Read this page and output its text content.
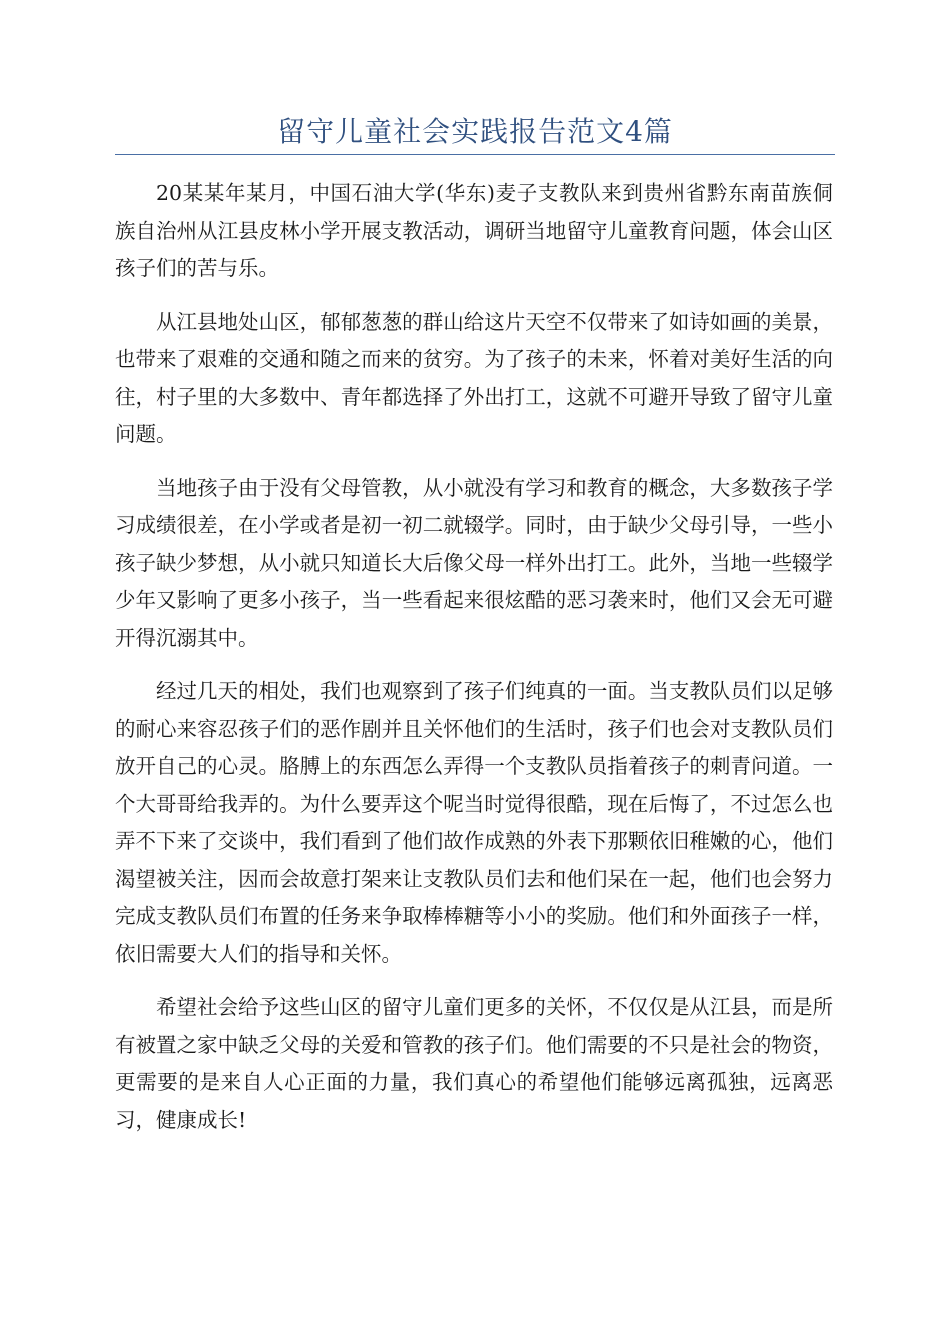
留守儿童社会实践报告范文4篇

20某某年某月，中国石油大学(华东)麦子支教队来到贵州省黔东南苗族侗族自治州从江县皮林小学开展支教活动，调研当地留守儿童教育问题，体会山区孩子们的苦与乐。

从江县地处山区，郁郁葱葱的群山给这片天空不仅带来了如诗如画的美景，也带来了艰难的交通和随之而来的贫穷。为了孩子的未来，怀着对美好生活的向往，村子里的大多数中、青年都选择了外出打工，这就不可避开导致了留守儿童问题。

当地孩子由于没有父母管教，从小就没有学习和教育的概念，大多数孩子学习成绩很差，在小学或者是初一初二就辍学。同时，由于缺少父母引导，一些小孩子缺少梦想，从小就只知道长大后像父母一样外出打工。此外，当地一些辍学少年又影响了更多小孩子，当一些看起来很炫酷的恶习袭来时，他们又会无可避开得沉溺其中。

经过几天的相处，我们也观察到了孩子们纯真的一面。当支教队员们以足够的耐心来容忍孩子们的恶作剧并且关怀他们的生活时，孩子们也会对支教队员们放开自己的心灵。胳膊上的东西怎么弄得一个支教队员指着孩子的刺青问道。一个大哥哥给我弄的。为什么要弄这个呢当时觉得很酷，现在后悔了，不过怎么也弄不下来了交谈中，我们看到了他们故作成熟的外表下那颗依旧稚嫩的心，他们渴望被关注，因而会故意打架来让支教队员们去和他们呆在一起，他们也会努力完成支教队员们布置的任务来争取棒棒糖等小小的奖励。他们和外面孩子一样，依旧需要大人们的指导和关怀。

希望社会给予这些山区的留守儿童们更多的关怀，不仅仅是从江县，而是所有被置之家中缺乏父母的关爱和管教的孩子们。他们需要的不只是社会的物资，更需要的是来自人心正面的力量，我们真心的希望他们能够远离孤独，远离恶习，健康成长!
